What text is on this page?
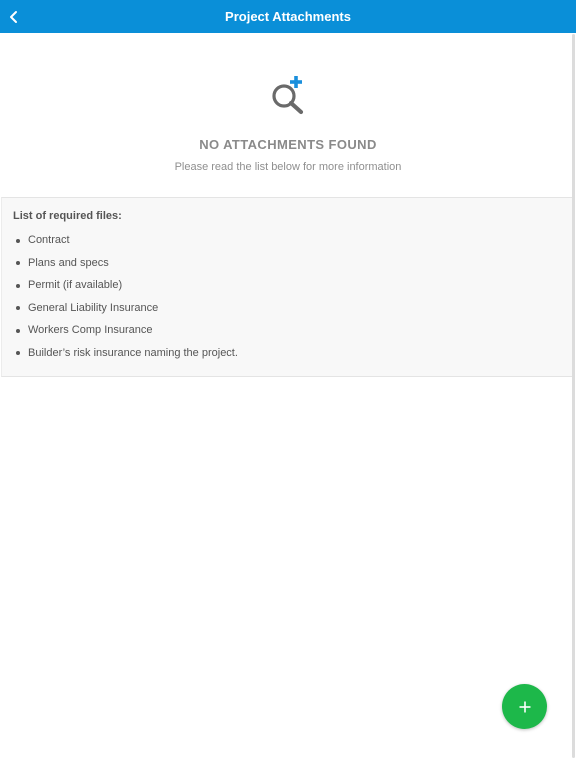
Project Attachments
NO ATTACHMENTS FOUND
Please read the list below for more information
List of required files:
Contract
Plans and specs
Permit (if available)
General Liability Insurance
Workers Comp Insurance
Builder’s risk insurance naming the project.
